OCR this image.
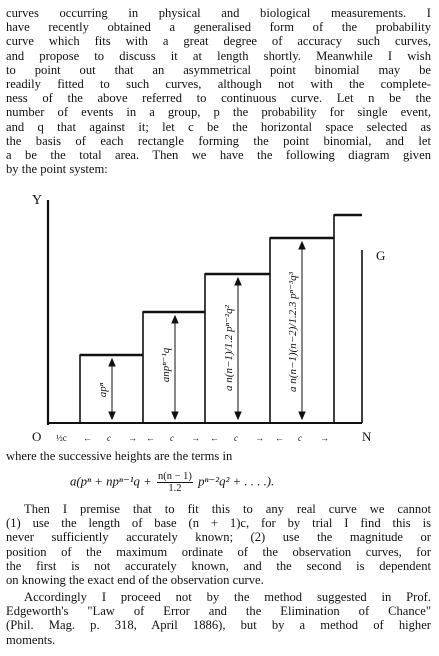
curves occurring in physical and biological measurements. I
have recently obtained a generalised form of the probability
curve which fits with a great degree of accuracy such curves,
and propose to discuss it at length shortly. Meanwhile I wish
to point out that an asymmetrical point binomial may be
readily fitted to such curves, although not with the complete-
ness of the above referred to continuous curve. Let n be the
number of events in a group, p the probability for single event,
and q that against it; let c be the horizontal space selected as
the basis of each rectangle forming the point binomial, and let
a be the total area. Then we have the following diagram given
by the point system:
Y
O	N
G
apⁿ
anpⁿ⁻¹q	a n(n−1)/1.2 pⁿ⁻²q²	a n(n−1)(n−2)/1.2.3 pⁿ⁻³q³
½c ← c → ← c → ← c → ← c →
where the successive heights are the terms in
$a(p^n + np^{n-1}q + \frac{n(n - 1)}{1.2} p^{n-2}q^2$ + . . . .).
Then I premise that to fit this to any real curve we cannot
(1) use the length of base (n + 1)c, for by trial I find this is
never sufficiently accurately known; (2) use the magnitude or
position of the maximum ordinate of the observation curves, for
the first is not accurately known, and the second is dependent
on knowing the exact end of the observation curve.
Accordingly I proceed not by the method suggested in Prof.
Edgeworth's "Law of Error and the Elimination of Chance"
(Phil. Mag. p. 318, April 1886), but by a method of higher
moments.
